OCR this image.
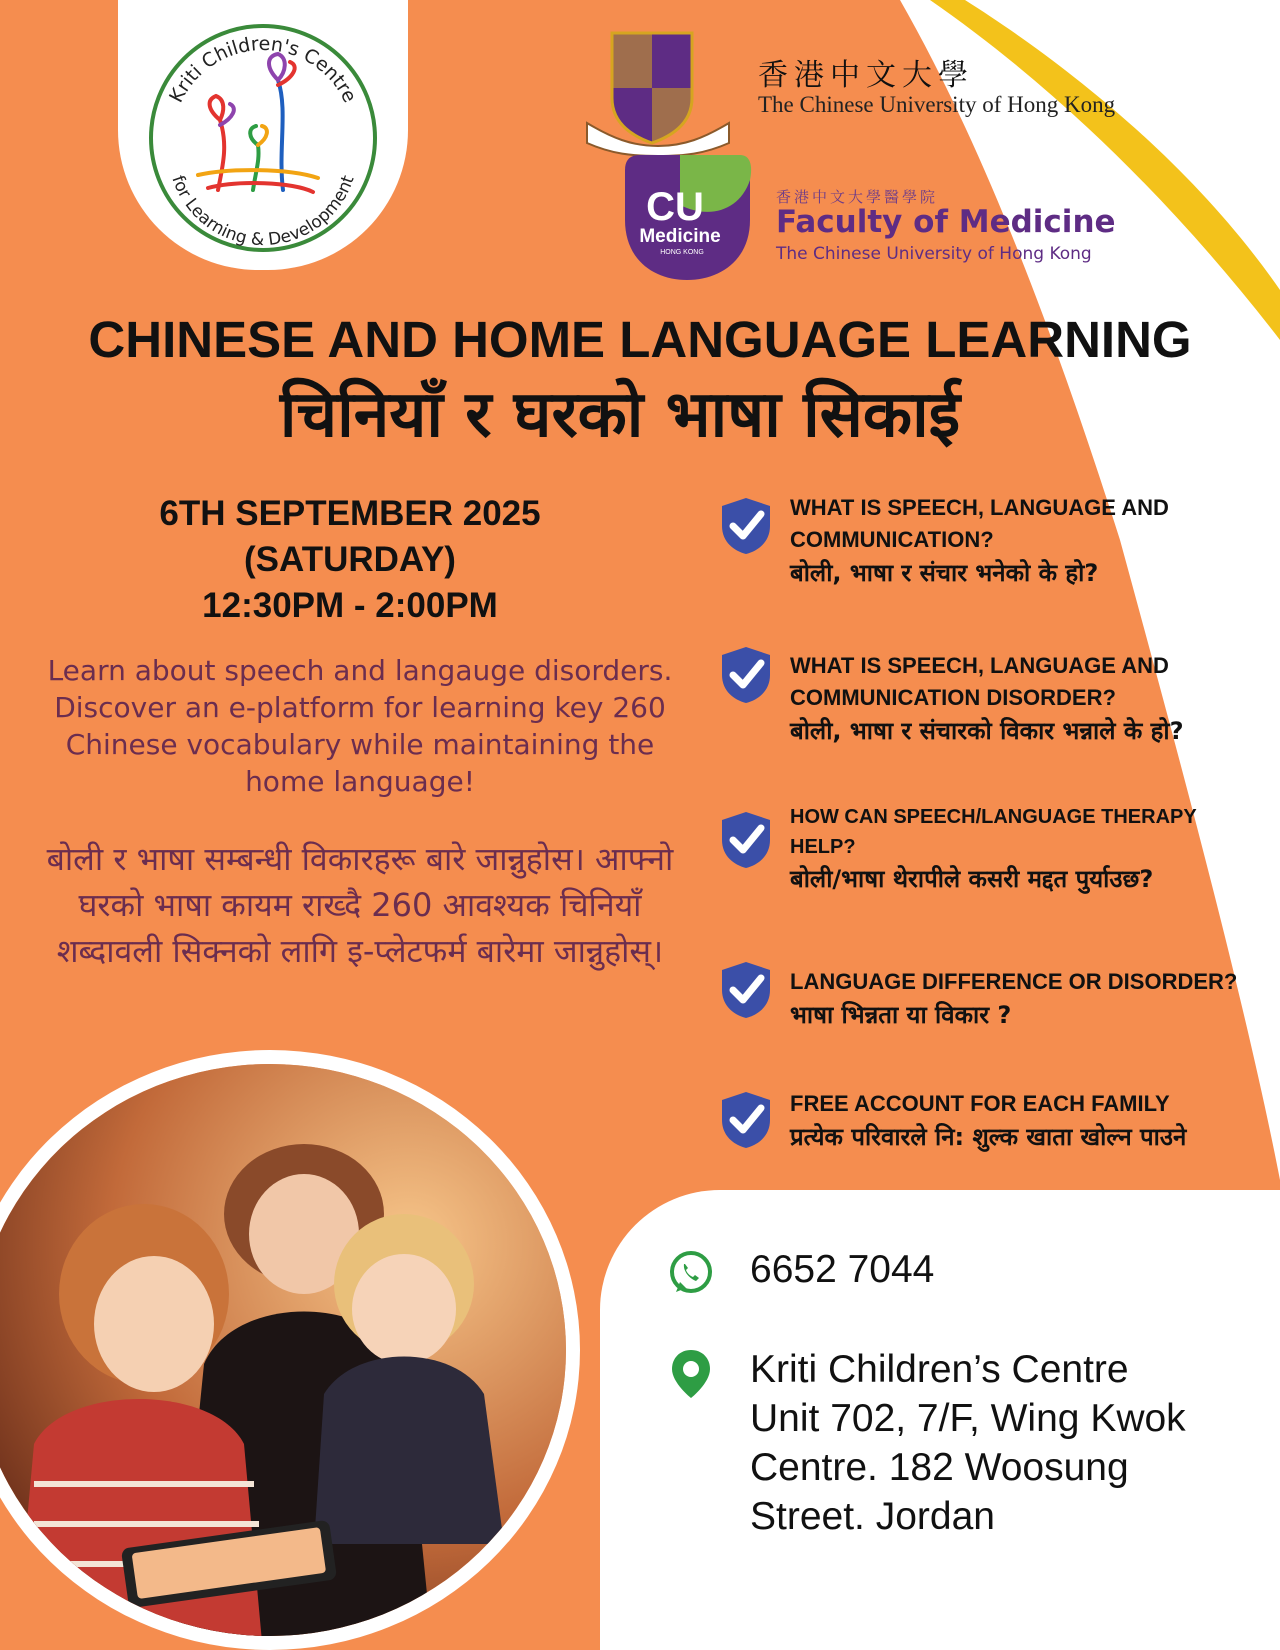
Kriti Children's Centre
for Learning & Development
香港中文大學
The Chinese University of Hong Kong
CU
Medicine
HONG KONG
香港中文大學醫學院
Faculty of Medicine
The Chinese University of Hong Kong
CHINESE AND HOME LANGUAGE LEARNING
चिनियाँ र घरको भाषा सिकाई
6TH SEPTEMBER 2025
(SATURDAY)
12:30PM - 2:00PM
Learn about speech and langauge disorders. Discover an e-platform for learning key 260 Chinese vocabulary while maintaining the home language!
बोली र भाषा सम्बन्धी विकारहरू बारे जान्नुहोस। आफ्नो घरको भाषा कायम राख्दै 260 आवश्यक चिनियाँ शब्दावली सिक्नको लागि इ-प्लेटफर्म बारेमा जान्नुहोस्।
WHAT IS SPEECH, LANGUAGE AND COMMUNICATION?
बोली, भाषा र संचार भनेको के हो?
WHAT IS SPEECH, LANGUAGE AND COMMUNICATION DISORDER?
बोली, भाषा र संचारको विकार भन्नाले के हो?
HOW CAN SPEECH/LANGUAGE THERAPY HELP?
बोली/भाषा थेरापीले कसरी मद्दत पुर्याउछ?
LANGUAGE DIFFERENCE OR DISORDER?
भाषा भिन्नता या विकार ?
FREE ACCOUNT FOR EACH FAMILY
प्रत्येक परिवारले नि: शुल्क खाता खोल्न पाउने
6652 7044
Kriti Children’s Centre
Unit 702, 7/F, Wing Kwok
Centre. 182 Woosung
Street. Jordan
